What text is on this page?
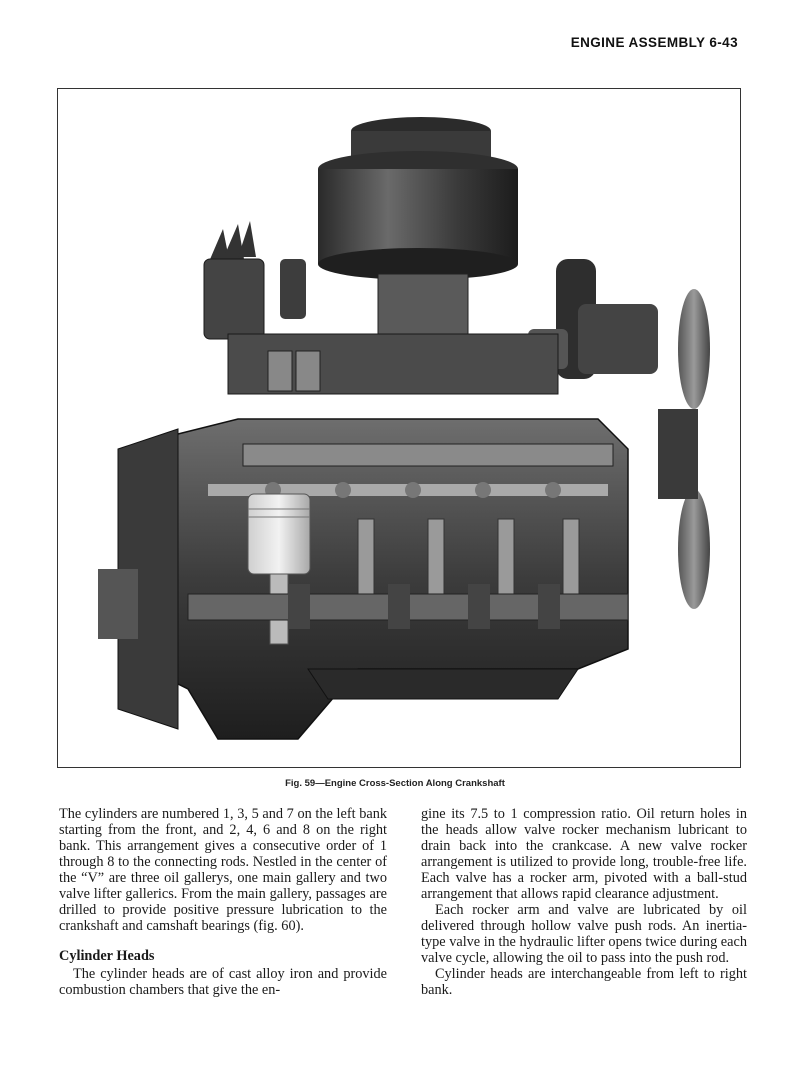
ENGINE ASSEMBLY 6-43
Fig. 59—Engine Cross-Section Along Crankshaft

The cylinders are numbered 1, 3, 5 and 7 on the left bank starting from the front, and 2, 4, 6 and 8 on the right bank. This arrangement gives a consecutive order of 1 through 8 to the connecting rods. Nestled in the center of the “V” are three oil gallerys, one main gallery and two valve lifter gallerics. From the main gallery, passages are drilled to provide positive pressure lubrication to the crankshaft and camshaft bearings (fig. 60).

Cylinder Heads

The cylinder heads are of cast alloy iron and provide combustion chambers that give the en-

gine its 7.5 to 1 compression ratio. Oil return holes in the heads allow valve rocker mechanism lubricant to drain back into the crankcase. A new valve rocker arrangement is utilized to provide long, trouble-free life. Each valve has a rocker arm, pivoted with a ball-stud arrangement that allows rapid clearance adjustment.

Each rocker arm and valve are lubricated by oil delivered through hollow valve push rods. An inertia-type valve in the hydraulic lifter opens twice during each valve cycle, allowing the oil to pass into the push rod.

Cylinder heads are interchangeable from left to right bank.
